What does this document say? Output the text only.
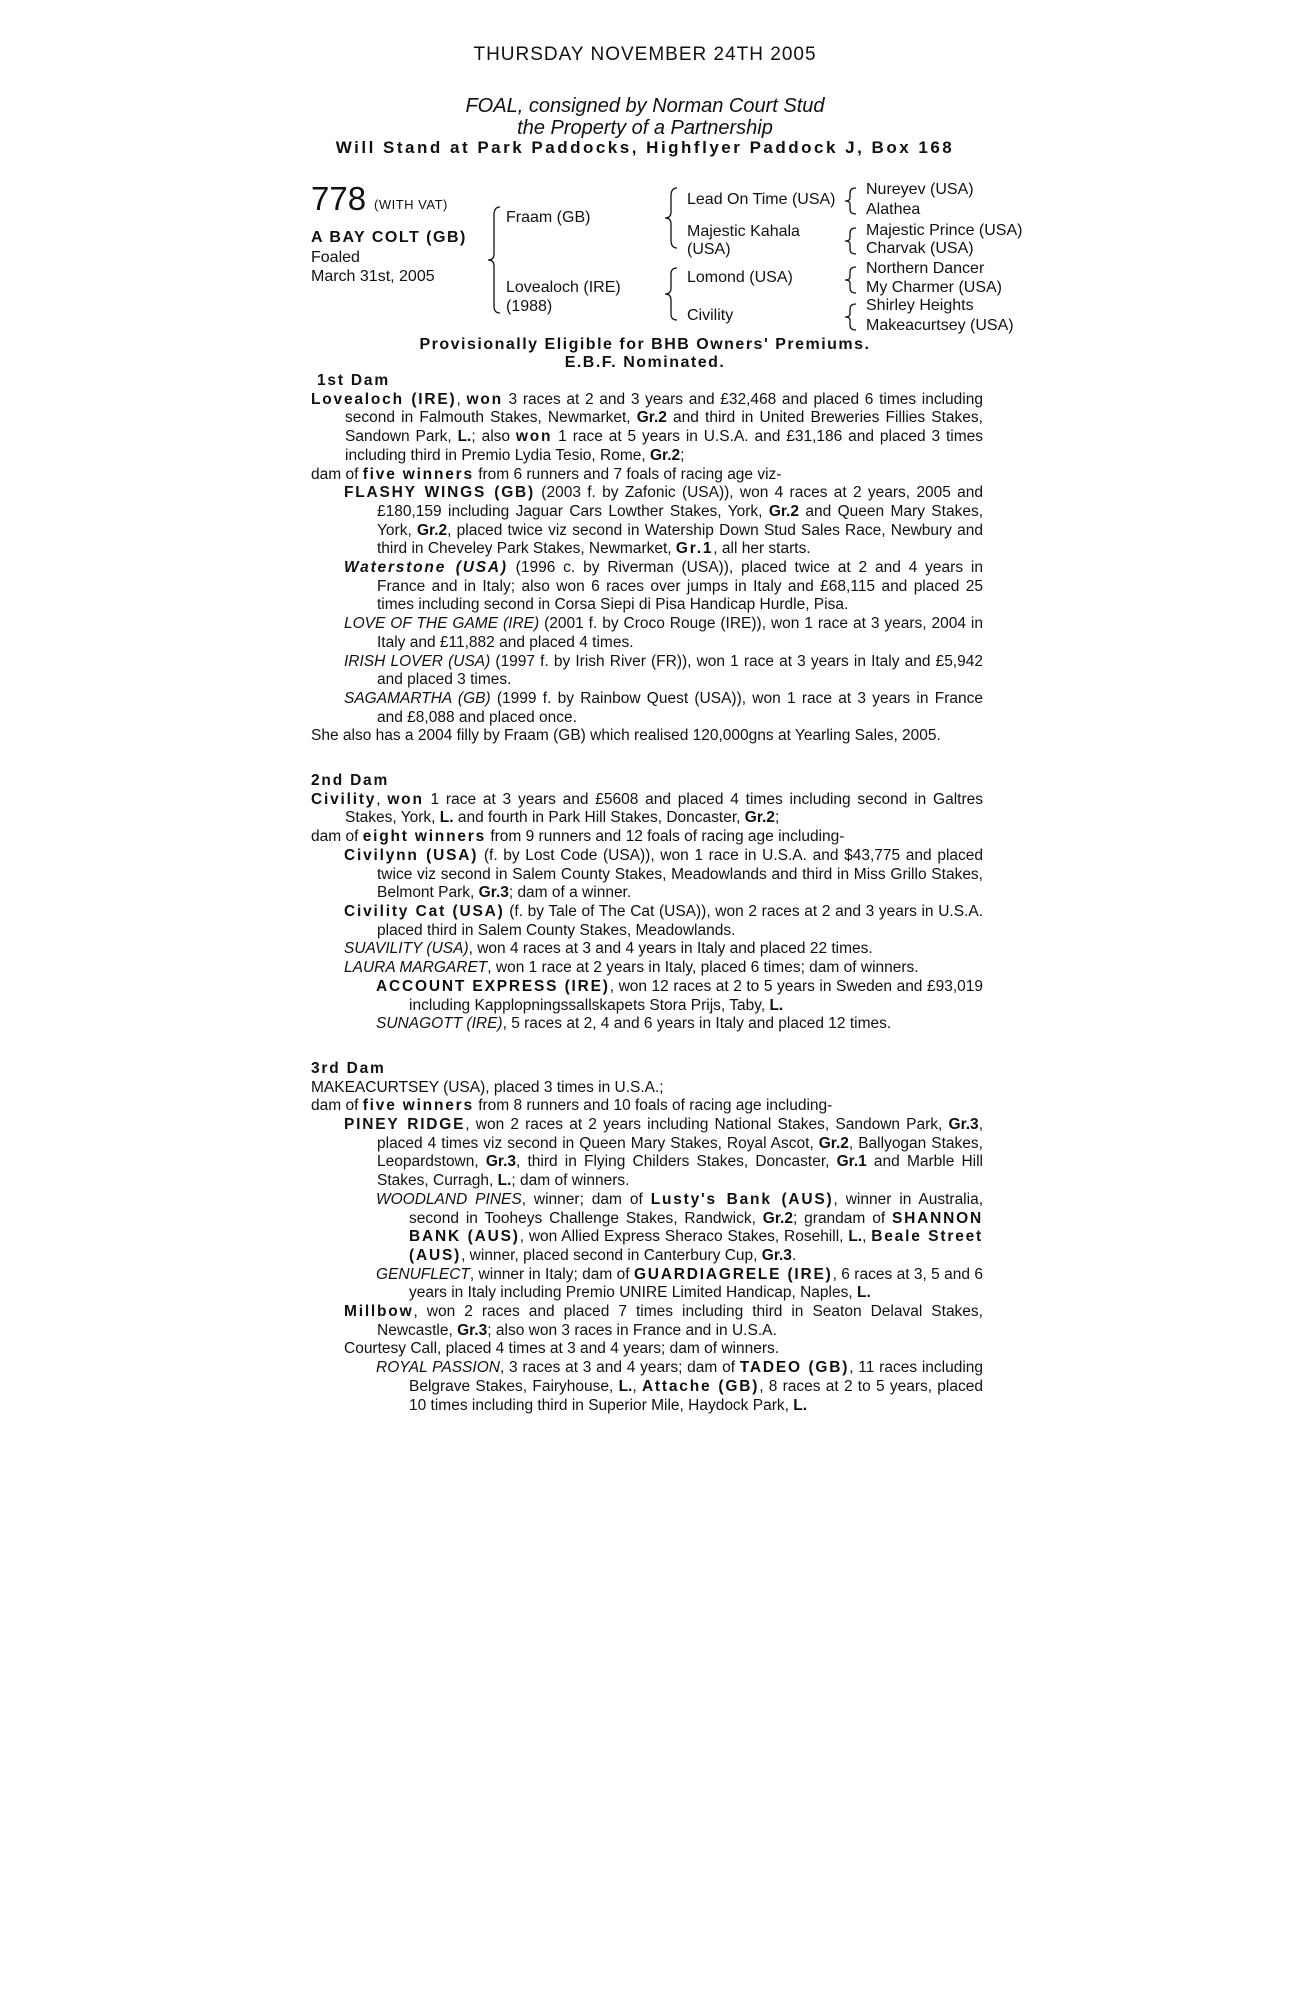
THURSDAY NOVEMBER 24TH 2005
FOAL, consigned by Norman Court Stud
the Property of a Partnership
Will Stand at Park Paddocks, Highflyer Paddock J, Box 168
778 (WITH VAT)
A BAY COLT (GB)
Foaled
March 31st, 2005
Fraam (GB)
Lovealoch (IRE)
(1988)
Lead On Time (USA)
Majestic Kahala
(USA)
Lomond (USA)
Civility
Nureyev (USA)
Alathea
Majestic Prince (USA)
Charvak (USA)
Northern Dancer
My Charmer (USA)
Shirley Heights
Makeacurtsey (USA)
Provisionally Eligible for BHB Owners' Premiums.
E.B.F. Nominated.
1st Dam

Lovealoch (IRE), won 3 races at 2 and 3 years and £32,468 and placed 6 times including second in Falmouth Stakes, Newmarket, Gr.2 and third in United Breweries Fillies Stakes, Sandown Park, L.; also won 1 race at 5 years in U.S.A. and £31,186 and placed 3 times including third in Premio Lydia Tesio, Rome, Gr.2;

dam of five winners from 6 runners and 7 foals of racing age viz-

FLASHY WINGS (GB) (2003 f. by Zafonic (USA)), won 4 races at 2 years, 2005 and £180,159 including Jaguar Cars Lowther Stakes, York, Gr.2 and Queen Mary Stakes, York, Gr.2, placed twice viz second in Watership Down Stud Sales Race, Newbury and third in Cheveley Park Stakes, Newmarket, Gr.1, all her starts.

Waterstone (USA) (1996 c. by Riverman (USA)), placed twice at 2 and 4 years in France and in Italy; also won 6 races over jumps in Italy and £68,115 and placed 25 times including second in Corsa Siepi di Pisa Handicap Hurdle, Pisa.

LOVE OF THE GAME (IRE) (2001 f. by Croco Rouge (IRE)), won 1 race at 3 years, 2004 in Italy and £11,882 and placed 4 times.

IRISH LOVER (USA) (1997 f. by Irish River (FR)), won 1 race at 3 years in Italy and £5,942 and placed 3 times.

SAGAMARTHA (GB) (1999 f. by Rainbow Quest (USA)), won 1 race at 3 years in France and £8,088 and placed once.

She also has a 2004 filly by Fraam (GB) which realised 120,000gns at Yearling Sales, 2005.

2nd Dam

Civility, won 1 race at 3 years and £5608 and placed 4 times including second in Galtres Stakes, York, L. and fourth in Park Hill Stakes, Doncaster, Gr.2;

dam of eight winners from 9 runners and 12 foals of racing age including-

Civilynn (USA) (f. by Lost Code (USA)), won 1 race in U.S.A. and $43,775 and placed twice viz second in Salem County Stakes, Meadowlands and third in Miss Grillo Stakes, Belmont Park, Gr.3; dam of a winner.

Civility Cat (USA) (f. by Tale of The Cat (USA)), won 2 races at 2 and 3 years in U.S.A. placed third in Salem County Stakes, Meadowlands.

SUAVILITY (USA), won 4 races at 3 and 4 years in Italy and placed 22 times.

LAURA MARGARET, won 1 race at 2 years in Italy, placed 6 times; dam of winners.

ACCOUNT EXPRESS (IRE), won 12 races at 2 to 5 years in Sweden and £93,019 including Kapplopningssallskapets Stora Prijs, Taby, L.

SUNAGOTT (IRE), 5 races at 2, 4 and 6 years in Italy and placed 12 times.

3rd Dam

MAKEACURTSEY (USA), placed 3 times in U.S.A.;

dam of five winners from 8 runners and 10 foals of racing age including-

PINEY RIDGE, won 2 races at 2 years including National Stakes, Sandown Park, Gr.3, placed 4 times viz second in Queen Mary Stakes, Royal Ascot, Gr.2, Ballyogan Stakes, Leopardstown, Gr.3, third in Flying Childers Stakes, Doncaster, Gr.1 and Marble Hill Stakes, Curragh, L.; dam of winners.

WOODLAND PINES, winner; dam of Lusty's Bank (AUS), winner in Australia, second in Tooheys Challenge Stakes, Randwick, Gr.2; grandam of SHANNON BANK (AUS), won Allied Express Sheraco Stakes, Rosehill, L., Beale Street (AUS), winner, placed second in Canterbury Cup, Gr.3.

GENUFLECT, winner in Italy; dam of GUARDIAGRELE (IRE), 6 races at 3, 5 and 6 years in Italy including Premio UNIRE Limited Handicap, Naples, L.

Millbow, won 2 races and placed 7 times including third in Seaton Delaval Stakes, Newcastle, Gr.3; also won 3 races in France and in U.S.A.

Courtesy Call, placed 4 times at 3 and 4 years; dam of winners.

ROYAL PASSION, 3 races at 3 and 4 years; dam of TADEO (GB), 11 races including Belgrave Stakes, Fairyhouse, L., Attache (GB), 8 races at 2 to 5 years, placed 10 times including third in Superior Mile, Haydock Park, L.
